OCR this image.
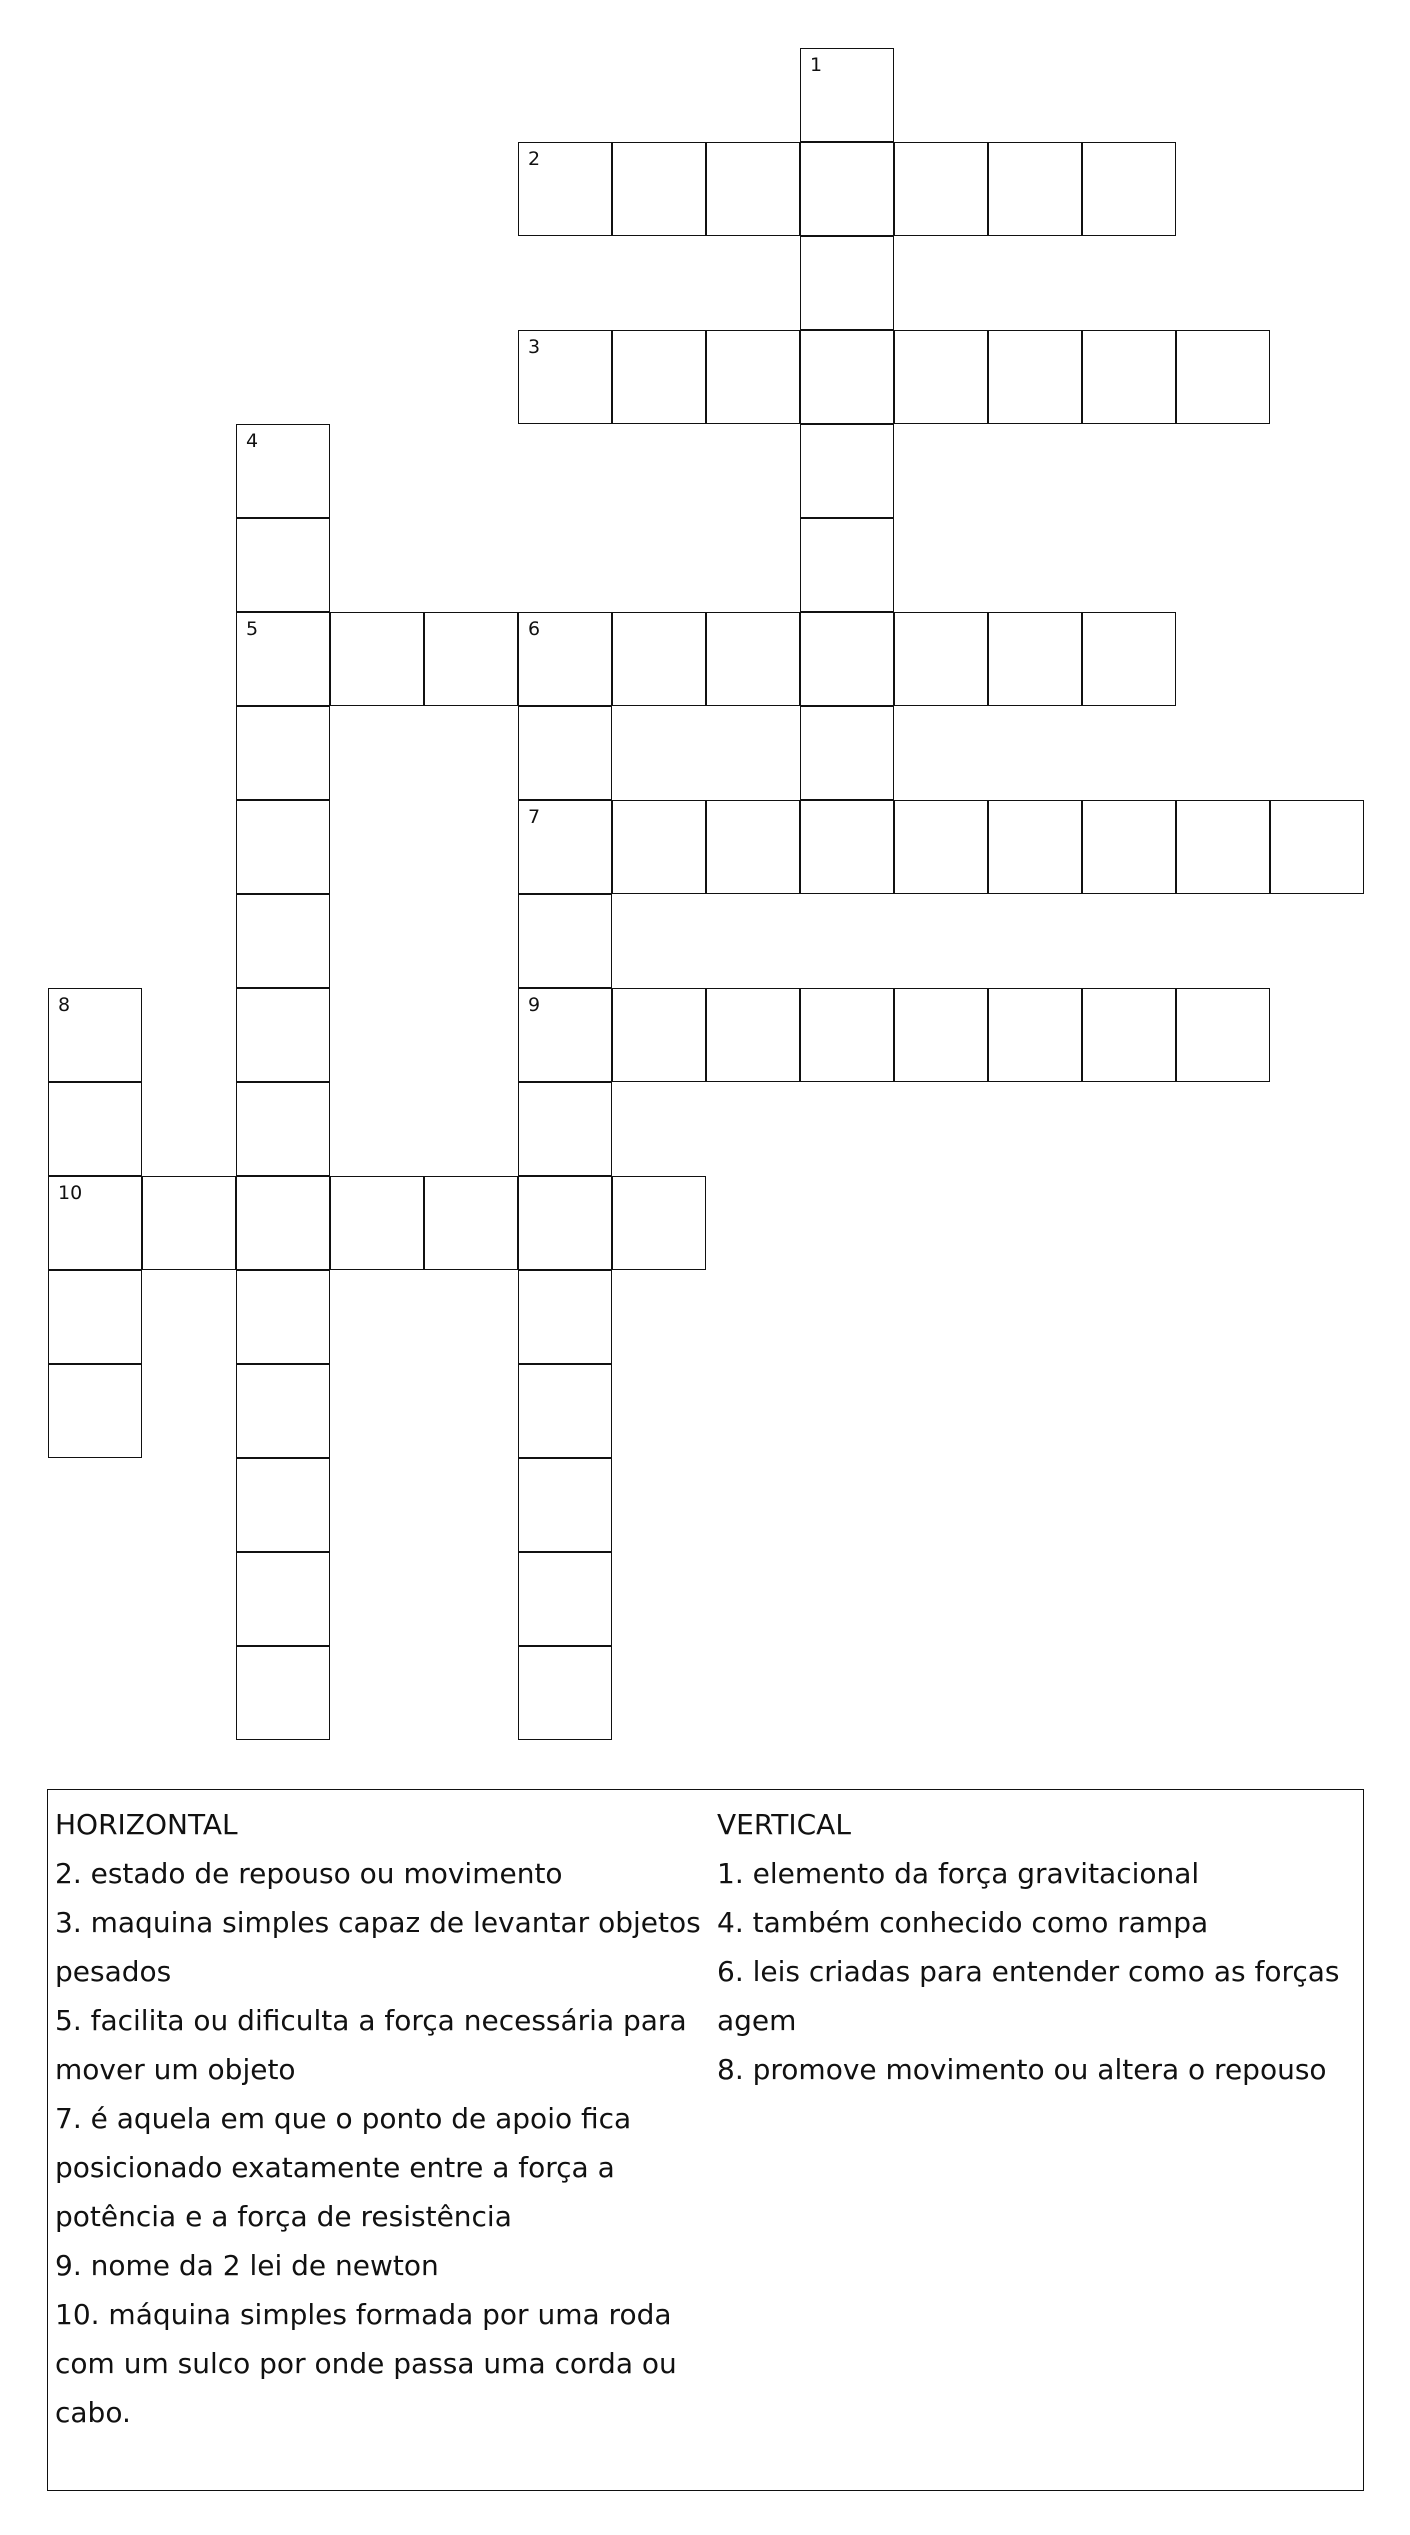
1
2
3
4
5	6
7
8	9
10

HORIZONTAL

2. estado de repouso ou movimento

3. maquina simples capaz de levantar objetos pesados

5. facilita ou dificulta a força necessária para mover um objeto

7. é aquela em que o ponto de apoio fica posicionado exatamente entre a força a potência e a força de resistência

9. nome da 2 lei de newton

10. máquina simples formada por uma roda com um sulco por onde passa uma corda ou cabo.

VERTICAL

1. elemento da força gravitacional

4. também conhecido como rampa

6. leis criadas para entender como as forças agem

8. promove movimento ou altera o repouso
